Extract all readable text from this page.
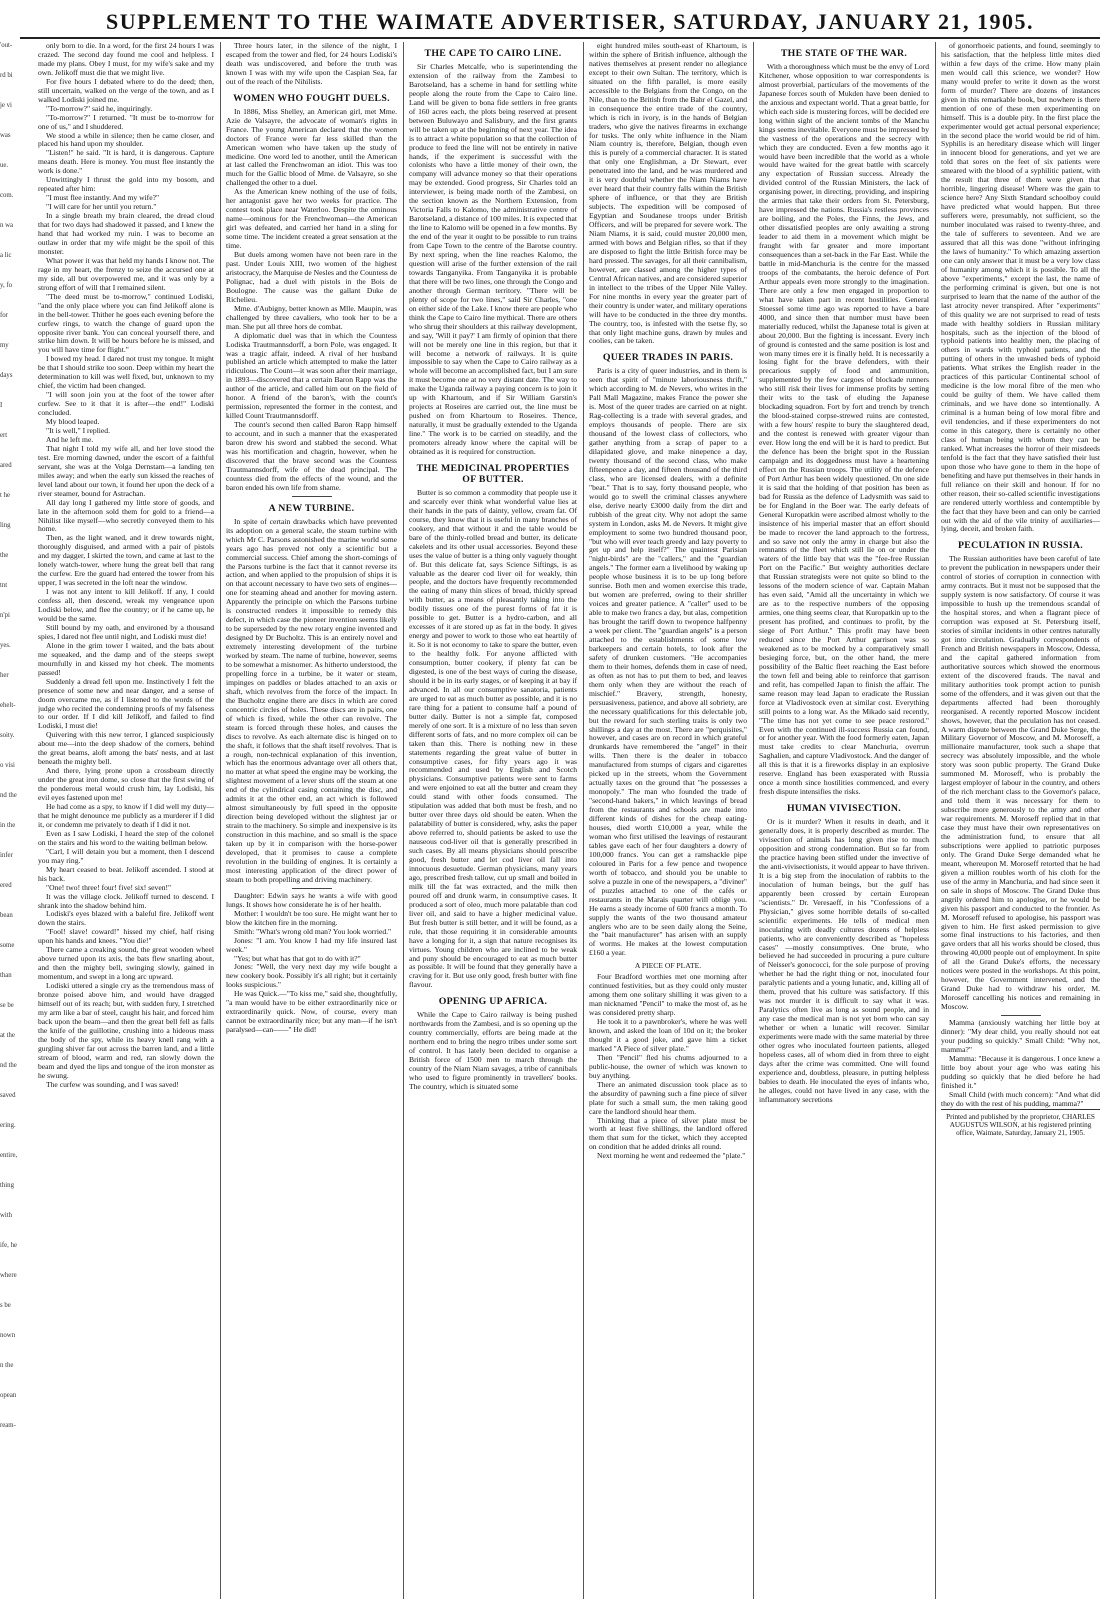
SUPPLEMENT TO THE WAIMATE ADVERTISER, SATURDAY, JANUARY 21, 1905.
'out-
rd bi
je vi
was
ue.
com.
n wa
a lic
y, fo
for
my
days
I
ert
ared
t he
ling
the
tnt
n'pi
yes.
her
ehelt-
soity.
o visi
nd the
in the
infer
ered
bean
some
than
se be
at the
nd the
saved
ering.
entire,
thing
with
ife, he
where
s be
nown
n the
opean
ream-

only born to die. In a word, for the first 24 hours I was crazed. The second day found me cool and helpless. I made my plans. Obey I must, for my wife's sake and my own. Jelikoff must die that we might live.

For five hours I debated where to do the deed; then, still uncertain, walked on the verge of the town, and as I walked Lodiski joined me.

"To-morrow?" said he, inquiringly.

"To-morrow?" I returned. "It must be to-morrow for one of us," and I shuddered.

We stood a while in silence; then he came closer, and placed his hand upon my shoulder.

"Listen!" he said. "It is hard, it is dangerous. Capture means death. Here is money. You must flee instantly the work is done."

Unwittingly I thrust the gold into my bosom, and repeated after him:

"I must flee instantly. And my wife?"

"I will care for her until you return."

In a single breath my brain cleared, the dread cloud that for two days had shadowed it passed, and I knew the hand that had worked my ruin. I was to become an outlaw in order that my wife might be the spoil of this monster.

What power it was that held my hands I know not. The rage in my heart, the frenzy to seize the accursed one at my side, all but overpowered me, and it was only by a strong effort of will that I remained silent.

"The deed must be to-morrow," continued Lodiski, "and the only place where you can find Jelikoff alone is in the bell-tower. Thither he goes each evening before the curfew rings, to watch the change of guard upon the opposite river bank. You can conceal yourself there, and strike him down. It will be hours before he is missed, and you will have time for flight."

I bowed my head. I dared not trust my tongue. It might be that I should strike too soon. Deep within my heart the determination to kill was well fixed, but, unknown to my chief, the victim had been changed.

"I will soon join you at the foot of the tower after curfew. See to it that it is after—the end!" Lodiski concluded.

My blood leaped.

"It is well," I replied.

And he left me.

That night I told my wife all, and her love stood the test. Ere morning dawned, under the escort of a faithful servant, she was at the Volga Dernstam—a landing ten miles away; and when the early sun kissed the reaches of level land about our town, it found her upon the deck of a river steamer, bound for Astrachan.

All day long I gathered my little store of goods, and late in the afternoon sold them for gold to a friend—a Nihilist like myself—who secretly conveyed them to his home.

Then, as the light waned, and it drew towards night, thoroughly disguised, and armed with a pair of pistols and my dagger, I skirted the town, and came at last to the lonely watch-tower, where hung the great bell that rang the curfew. Ere the guard had entered the tower from his upper, I was secreted in the loft near the window.

I was not any intent to kill Jelikoff. If any, I could confess all, then descend, wreak my vengeance upon Lodiski below, and flee the country; or if he came up, he would be the same.

Still bound by my oath, and environed by a thousand spies, I dared not flee until night, and Lodiski must die!

Alone in the grim tower I waited, and the bats about me squeaked, and the damp and of the steeps swept mournfully in and kissed my hot cheek. The moments passed!

Suddenly a dread fell upon me. Instinctively I felt the presence of some new and near danger, and a sense of doom overcame me, as if I listened to the words of the judge who recited the condemning proofs of my falseness to our order. If I did kill Jelikoff, and failed to find Lodiski, I must die!

Quivering with this new terror, I glanced suspiciously about me—into the deep shadow of the corners, behind the great beams, aloft among the bats' nests, and at last beneath the mighty bell.

And there, lying prone upon a crossbeam directly under the great iron dome, so close that the first swing of the ponderous metal would crush him, lay Lodiski, his evil eyes fastened upon me!

He had come as a spy, to know if I did well my duty—that he might denounce me publicly as a murderer if I did it, or condemn me privately to death if I did it not.

Even as I saw Lodiski, I heard the step of the colonel on the stairs and his word to the waiting bellman below.

"Carl, I will detain you but a moment, then I descend you may ring."

My heart ceased to beat. Jelikoff ascended. I stood at his back.

"One! two! three! four! five! six! seven!"

It was the village clock. Jelikoff turned to descend. I shrank into the shadow behind him.

Lodiski's eyes blazed with a baleful fire. Jelikoff went down the stairs.

"Fool! slave! coward!" hissed my chief, half rising upon his hands and knees. "You die!"

There came a creaking sound, the great wooden wheel above turned upon its axis, the bats flew snarling about, and then the mighty bell, swinging slowly, gained in momentum, and swept in a long arc upward.

Lodiski uttered a single cry as the tremendous mass of bronze poised above him, and would have dragged himself out of its reach; but, with sudden fury, I stretched my arm like a bar of steel, caught his hair, and forced him back upon the beam—and then the great bell fell as falls the knife of the guillotine, crushing into a hideous mass the body of the spy, while its heavy knell rang with a gurgling shiver far out across the barren land, and a little stream of blood, warm and red, ran slowly down the beam and dyed the lips and tongue of the iron monster as he swung.

The curfew was sounding, and I was saved!

Three hours later, in the silence of the night, I escaped from the tower and fled, for 24 hours Lodiski's death was undiscovered, and before the truth was known I was with my wife upon the Caspian Sea, far out of the reach of the Nihilists.

WOMEN WHO FOUGHT DUELS.

In 1886, Miss Shelley, an American girl, met Mme. Azie de Valsayre, the advocate of woman's rights in France. The young American declared that the women doctors of France were far less skilled than the American women who have taken up the study of medicine. One word led to another, until the American at last called the Frenchwoman an idiot. This was too much for the Gallic blood of Mme. de Valsayre, so she challenged the other to a duel.

As the American knew nothing of the use of foils, her antagonist gave her two weeks for practice. The contest took place near Waterloo. Despite the ominous name—ominous for the Frenchwoman—the American girl was defeated, and carried her hand in a sling for some time. The incident created a great sensation at the time.

But duels among women have not been rare in the past. Under Louis XIII, two women of the highest aristocracy, the Marquise de Nesles and the Countess de Polignac, had a duel with pistols in the Bois de Boulogne. The cause was the gallant Duke de Richelieu.

Mme. d'Aubigny, better known as Mlle. Maupin, was challenged by three cavaliers, who took her to be a man. She put all three hors de combat.

A diplomatic duel was that in which the Countess Lodiska Trautmannsdorff, a born Pole, was engaged. It was a tragic affair, indeed. A rival of her husband published an article which attempted to make the latter ridiculous. The Count—it was soon after their marriage, in 1893—discovered that a certain Baron Rapp was the author of the article, and called him out on the field of honor. A friend of the baron's, with the count's permission, represented the former in the contest, and killed Count Trautmannsdorff.

The count's second then called Baron Rapp himself to account, and in such a manner that the exasperated baron drew his sword and stabbed the second. What was his mortification and chagrin, however, when he discovered that the brave second was the Countess Trautmannsdorff, wife of the dead principal. The countess died from the effects of the wound, and the baron ended his own life from shame.

A NEW TURBINE.

In spite of certain drawbacks which have prevented its adoption on a general scale, the steam turbine with which Mr C. Parsons astonished the marine world some years ago has proved not only a scientific but a commercial success. Chief among the short-comings of the Parsons turbine is the fact that it cannot reverse its action, and when applied to the propulsion of ships it is on that account necessary to have two sets of engines—one for steaming ahead and another for moving astern. Apparently the principle on which the Parsons turbine is constructed renders it impossible to remedy this defect, in which case the pioneer invention seems likely to be superseded by the new rotary engine invented and designed by Dr Bucholtz. This is an entirely novel and extremely interesting development of the turbine worked by steam. The name of turbine, however, seems to be somewhat a misnomer. As hitherto understood, the propelling force in a turbine, be it water or steam, impinges on paddles or blades attached to an axis or shaft, which revolves from the force of the impact. In the Bucholtz engine there are discs in which are cored concentric circles of holes. These discs are in pairs, one of which is fixed, while the other can revolve. The steam is forced through these holes, and causes the discs to revolve. As each alternate disc is hinged on to the shaft, it follows that the shaft itself revolves. That is a rough, non-technical explanation of this invention, which has the enormous advantage over all others that, no matter at what speed the engine may be working, the slightest movement of a lever shuts off the steam at one end of the cylindrical casing containing the disc, and admits it at the other end, an act which is followed almost simultaneously by full speed in the opposite direction being developed without the slightest jar or strain to the machinery. So simple and inexpensive is its construction in this machine, and so small is the space taken up by it in comparison with the horse-power developed, that it promises to cause a complete revolution in the building of engines. It is certainly a most interesting application of the direct power of steam to both propelling and driving machinery.

Daughter: Edwin says he wants a wife with good lungs. It shows how considerate he is of her health.

Mother: I wouldn't be too sure. He might want her to blow the kitchen fire in the morning.

Smith: "What's wrong old man? You look worried."

Jones: "I am. You know I had my life insured last week."

"Yes; but what has that got to do with it?"

Jones: "Well, the very next day my wife bought a new cookery book. Possibly it's all right; but it certainly looks suspicious."

He was Quick.—"To kiss me," said she, thoughtfully, "a man would have to be either extraordinarily nice or extraordinarily quick. Now, of course, every man cannot be extraordinarily nice; but any man—if he isn't paralysed—can——" He did!

THE CAPE TO CAIRO LINE.

Sir Charles Metcalfe, who is superintending the extension of the railway from the Zambesi to Barotseland, has a scheme in hand for settling white people along the route from the Cape to Cairo line. Land will be given to bona fide settlers in free grants of 160 acres each, the plots being reserved at present between Buluwayo and Salisbury, and the first grants will be taken up at the beginning of next year. The idea is to attract a white population so that the collection of produce to feed the line will not be entirely in native hands, if the experiment is successful with the colonists who have a little money of their own, the company will advance money so that their operations may be extended. Good progress, Sir Charles told an interviewer, is being made north of the Zambesi, on the section known as the Northern Extension, from Victoria Falls to Kalomo, the administrative centre of Barotseland, a distance of 100 miles. It is expected that the line to Kalomo will be opened in a few months. By the end of the year it ought to be possible to run trains from Cape Town to the centre of the Barotse country. By next spring, when the line reaches Kalomo, the question will arise of the further extension of the rail towards Tanganyika. From Tanganyika it is probable that there will be two lines, one through the Congo and another through German territory. "There will be plenty of scope for two lines," said Sir Charles, "one on either side of the Lake. I know there are people who think the Cape to Cairo line mythical. There are others who shrug their shoulders at this railway development, and say, 'Will it pay?' I am firmly of opinion that there will not be merely one line in this region, but that it will become a network of railways. It is quite impossible to say when the Cape to Cairo railway as a whole will become an accomplished fact, but I am sure it must become one at no very distant date. The way to make the Uganda railway a paying concern is to join it up with Khartoum, and if Sir William Garstin's projects at Roseires are carried out, the line must be pushed on from Khartoum to Roseires. Thence, naturally, it must be gradually extended to the Uganda line." The work is to be carried on steadily, and the promoters already know where the capital will be obtained as it is required for construction.

THE MEDICINAL PROPERTIES OF BUTTER.

Butter is so common a commodity that people use it and scarcely ever think what wonderful value lies at their hands in the pats of dainty, yellow, cream fat. Of course, they know that it is useful in many branches of cookery, and that without it and the table would be bare of the thinly-rolled bread and butter, its delicate cakelets and its other usual accessories. Beyond these uses the value of butter is a thing only vaguely thought of. But this delicate fat, says Science Siftings, is as valuable as the dearer cod liver oil for weakly, thin people, and the doctors have frequently recommended the eating of many thin slices of bread, thickly spread with butter, as a means of pleasantly taking into the bodily tissues one of the purest forms of fat it is possible to get. Butter is a hydro-carbon, and all excesses of it are stored up as fat in the body. It gives energy and power to work to those who eat heartily of it. So it is not economy to take to spare the butter, even to the healthy folk. For anyone afflicted with consumption, butter cookery, if plenty fat can be digested, is one of the best ways of curing the disease, should it be in its early stages, or of keeping it at bay if advanced. In all our consumptive sanatoria, patients are urged to eat as much butter as possible, and it is no rare thing for a patient to consume half a pound of butter daily. Butter is not a simple fat, composed merely of one sort. It is a mixture of no less than seven different sorts of fats, and no more complex oil can be taken than this. There is nothing new in these statements regarding the great value of butter in consumptive cases, for fifty years ago it was recommended and used by English and Scotch physicians. Consumptive patients were sent to farms and were enjoined to eat all the butter and cream they could stand with other foods consumed. The stipulation was added that both must be fresh, and no butter over three days old should be eaten. When the palatability of butter is considered, why, asks the paper above referred to, should patients be asked to use the nauseous cod-liver oil that is generally prescribed in such cases. By all means physicians should prescribe good, fresh butter and let cod liver oil fall into innocuous desuetude. German physicians, many years ago, prescribed fresh tallow, cut up small and boiled in milk till the fat was extracted, and the milk then poured off and drunk warm, in consumptive cases. It produced a sort of oleo, much more palatable than cod liver oil, and said to have a higher medicinal value. But fresh butter is still better, and it will be found, as a rule, that those requiring it in considerable amounts have a longing for it, a sign that nature recognises its virtues. Young children who are inclined to be weak and puny should be encouraged to eat as much butter as possible. It will be found that they generally have a craving for it. But use only good, fresh butter with fine flavour.

OPENING UP AFRICA.

While the Cape to Cairo railway is being pushed northwards from the Zambesi, and is so opening up the country commercially, efforts are being made at the northern end to bring the negro tribes under some sort of control. It has lately been decided to organise a British force of 1500 men to march through the country of the Niam Niam savages, a tribe of cannibals who used to figure prominently in travellers' books. The country, which is situated some

eight hundred miles south-east of Khartoum, is within the sphere of British influence, although the natives themselves at present render no allegiance except to their own Sultan. The territory, which is situated on the fifth parallel, is more easily accessible to the Belgians from the Congo, on the Nile, than to the British from the Bahr el Gazel, and in consequence the entire trade of the country, which is rich in ivory, is in the hands of Belgian traders, who give the natives firearms in exchange for tusks. The only white influence in the Niam Niam country is, therefore, Belgian, though even this is purely of a commercial character. It is stated that only one Englishman, a Dr Stewart, ever penetrated into the land, and he was murdered and it is very doubtful whether the Niam Niams have ever heard that their country falls within the British sphere of influence, or that they are British subjects. The expedition will be composed of Egyptian and Soudanese troops under British Officers, and will be prepared for severe work. The Niam Niams, it is said, could muster 20,000 men, armed with bows and Belgian rifles, so that if they are disposed to fight the little British force may be hard pressed. The savages, for all their cannibalism, however, are classed among the higher types of Central African natives, and are considered superior in intellect to the tribes of the Upper Nile Valley. For nine months in every year the greater part of their country is under water, and military operations will have to be conducted in the three dry months. The country, too, is infested with the tsetse fly, so that only light machine guns, drawn by mules and coolies, can be taken.

QUEER TRADES IN PARIS.

Paris is a city of queer industries, and in them is seen that spirit of "minute laboriousness thrift," which according to M. de Nevers, who writes in the Pall Mall Magazine, makes France the power she is. Most of the queer trades are carried on at night. Rag-collecting is a trade with several grades, and employs thousands of people. There are six thousand of the lowest class of collectors, who gather anything from a scrap of paper to a dilapidated glove, and make ninepence a day, twenty thousand of the second class, who make fifteenpence a day, and fifteen thousand of the third class, who are licensed dealers, with a definite "beat." That is to say, forty thousand people, who would go to swell the criminal classes anywhere else, derive nearly £3000 daily from the dirt and rubbish of the great city. Why not adopt the same system in London, asks M. de Nevers. It might give employment to some two hundred thousand poor, "but who will ever teach greedy and lazy poverty to get up and help itself?" The quaintest Parisian "night-birds" are the "callers," and the "guardian angels." The former earn a livelihood by waking up people whose business it is to be up long before sunrise. Both men and women exercise this trade, but women are preferred, owing to their shriller voices and greater patience. A "caller" used to be able to make two francs a day, but alas, competition has brought the tariff down to twopence halfpenny a week per client. The "guardian angels" is a person attached to the establishments of some low barkeepers and certain hotels, to look after the safety of drunken customers. "He accompanies them to their homes, defends them in case of need, as often as not has to put them to bed, and leaves them only when they are without the reach of mischief." Bravery, strength, honesty, persuasiveness, patience, and above all sobriety, are the necessary qualifications for this delectable job, but the reward for such sterling traits is only two shillings a day at the most. There are "perquisites," however, and cases are on record in which grateful drunkards have remembered the "angel" in their wills. Then there is the dealer in tobacco manufactured from stumps of cigars and cigarettes picked up in the streets, whom the Government actually taxes on the ground that "he possesses a monopoly." The man who founded the trade of "second-hand bakers," in which leavings of bread from the restaurants and schools are made into different kinds of dishes for the cheap eating-houses, died worth £10,000 a year, while the woman who first utilised the leavings of restaurant tables gave each of her four daughters a dowry of 100,000 francs. You can get a ramshackle pipe coloured in Paris for a few pence and twopence worth of tobacco, and should you be unable to solve a puzzle in one of the newspapers, a "diviner" of puzzles attached to one of the cafés or restaurants in the Marais quarter will oblige you. He earns a steady income of 600 francs a month. To supply the wants of the two thousand amateur anglers who are to be seen daily along the Seine, the "bait manufacturer" has arisen with an supply of worms. He makes at the lowest computation £160 a year.

A PIECE OF PLATE.

Four Bradford worthies met one morning after continued festivities, but as they could only muster among them one solitary shilling it was given to a man nicknamed "Pencil" to make the most of, as he was considered pretty sharp.

He took it to a pawnbroker's, where he was well known, and asked the loan of 10d on it; the broker thought it a good joke, and gave him a ticket marked "A Piece of silver plate."

Then "Pencil" fled his chums adjourned to a public-house, the owner of which was known to buy anything.

There an animated discussion took place as to the absurdity of pawning such a fine piece of silver plate for such a small sum, the men taking good care the landlord should hear them.

Thinking that a piece of silver plate must be worth at least five shillings, the landlord offered them that sum for the ticket, which they accepted on condition that he added drinks all round.

Next morning he went and redeemed the "plate."

THE STATE OF THE WAR.

With a thoroughness which must be the envy of Lord Kitchener, whose opposition to war correspondents is almost proverbial, particulars of the movements of the Japanese forces south of Mukden have been denied to the anxious and expectant world. That a great battle, for which each side is mustering forces, will be decided ere long within sight of the ancient tombs of the Manchu kings seems inevitable. Everyone must be impressed by the vastness of the operations and the secrecy with which they are conducted. Even a few months ago it would have been incredible that the world as a whole would have waited for the great battle with scarcely any expectation of Russian success. Already the divided control of the Russian Ministers, the lack of organising power, in directing, providing, and inspiring the armies that take their orders from St. Petersburg, have impressed the nations. Russia's restless provinces are boiling, and the Poles, the Finns, the Jews, and other dissatisfied peoples are only awaiting a strong leader to aid them in a movement which might be fraught with far greater and more important consequences than a set-back in the Far East. While the battle in mid-Manchuria is the centre for the massed troops of the combatants, the heroic defence of Port Arthur appeals even more strongly to the imagination. There are only a few men engaged in proportion to what have taken part in recent hostilities. General Stoessel some time ago was reported to have a bare 4000, and since then that number must have been materially reduced, whilst the Japanese total is given at about 20,000. But the fighting is incessant. Every inch of ground is contested and the same position is lost and won many times ere it is finally held. It is necessarily a losing fight for the brave defenders, with their precarious supply of food and ammunition, supplemented by the few cargoes of blockade runners who still risk their lives for immense profits by setting their wits to the task of eluding the Japanese blockading squadron. Fort by fort and trench by trench the blood-stained corpse-strewed ruins are contested, with a few hours' respite to bury the slaughtered dead, and the contest is renewed with greater vigour than ever. How long the end will be it is hard to predict. But the defence has been the bright spot in the Russian campaign and its doggedness must have a heartening effect on the Russian troops. The utility of the defence of Port Arthur has been widely questioned. On one side it is said that the holding of that position has been as bad for Russia as the defence of Ladysmith was said to be for England in the Boer war. The early defeats of General Kuropatkin were ascribed almost wholly to the insistence of his imperial master that an effort should be made to recover the land approach to the fortress, and so save not only the army in charge but also the remnants of the fleet which still lie on or under the waters of the little bay that was the "fee-free Russian Port on the Pacific." But weighty authorities declare that Russian strategists were not quite so blind to the lessons of the modern science of war. Captain Mahan has even said, "Amid all the uncertainty in which we are as to the respective numbers of the opposing armies, one thing seems clear, that Kuropatkin up to the present has profited, and continues to profit, by the siege of Port Arthur." This profit may have been reduced since the Port Arthur garrison was so weakened as to be mocked by a comparatively small besieging force, but, on the other hand, the mere possibility of the Baltic fleet reaching the East before the town fell and being able to reinforce that garrison and refit, has compelled Japan to finish the affair. The same reason may lead Japan to eradicate the Russian force at Vladivostock even at similar cost. Everything still points to a long war. As the Mikado said recently, "The time has not yet come to see peace restored." Even with the continued ill-success Russia can found, or for another year. With the food formerly eaten, Japan must take credits to clear Manchuria, overrun Saghalien, and capture Vladivostock. And the danger of all this is that it is a fireworks display in an explosive reserve. England has been exasperated with Russia once a month since hostilities commenced, and every fresh dispute intensifies the risks.

HUMAN VIVISECTION.

Or is it murder? When it results in death, and it generally does, it is properly described as murder. The vivisection of animals has long given rise to much opposition and strong condemnation. But so far from the practice having been stifled under the invective of the anti-vivisectionists, it would appear to have thriven. It is a big step from the inoculation of rabbits to the inoculation of human beings, but the gulf has apparently been crossed by certain European "scientists." Dr. Veresaeff, in his "Confessions of a Physician," gives some horrible details of so-called scientific experiments. He tells of medical men inoculating with deadly cultures dozens of helpless patients, who are conveniently described as "hopeless cases" —mostly consumptives. One brute, who believed he had succeeded in procuring a pure culture of Neisser's gonococci, for the sole purpose of proving whether he had the right thing or not, inoculated four paralytic patients and a young lunatic, and, killing all of them, proved that his culture was satisfactory. If this was not murder it is difficult to say what it was. Paralytics often live as long as sound people, and in any case the medical man is not yet born who can say whether or when a lunatic will recover. Similar experiments were made with the same material by three other ogres who inoculated fourteen patients, alleged hopeless cases, all of whom died in from three to eight days after the crime was committed. One will found experience and, doubtless, pleasure, in putting helpless babies to death. He inoculated the eyes of infants who, he alleges, could not have lived in any case, with the inflammatory secretions

of gonorrhoeic patients, and found, seemingly to his satisfaction, that the helpless little mites died within a few days of the crime. How many plain men would call this science, we wonder? How many would prefer to write it down as the worst form of murder? There are dozens of instances given in this remarkable book, but nowhere is there mention of one of these men experimenting on himself. This is a double pity. In the first place the experimenter would get actual personal experience; in the second place the world would be rid of him. Syphilis is an hereditary disease which will linger in innocent blood for generations, and yet we are told that sores on the feet of six patients were smeared with the blood of a syphilitic patient, with the result that three of them were given that horrible, lingering disease! Where was the gain to science here? Any Sixth Standard schoolboy could have predicted what would happen. But three sufferers were, presumably, not sufficient, so the number inoculated was raised to twenty-three, and the tale of sufferers to seventeen. And we are assured that all this was done "without infringing the laws of humanity." To which amazing assertion one can only answer that it must be a very low class of humanity among which it is possible. To all the above "experiments," except the last, the name of the performing criminal is given, but one is not surprised to learn that the name of the author of the last atrocity never transpired. After "experiments" of this quality we are not surprised to read of tests made with healthy soldiers in Russian military hospitals, such as the injection of the blood of typhoid patients into healthy men, the placing of others in wards with typhoid patients, and the putting of others in the unwashed beds of typhoid patients. What strikes the English reader in the practices of this particular Continental school of medicine is the low moral fibre of the men who could be guilty of them. We have called them criminals, and we have done so intentionally. A criminal is a human being of low moral fibre and evil tendencies, and if these experimenters do not come in this category, there is certainly no other class of human being with whom they can be ranked. What increases the horror of their misdeeds tenfold is the fact that they have satisfied their lust upon those who have gone to them in the hope of benefiting and have put themselves in their hands in full reliance on their skill and honour. If for no other reason, their so-called scientific investigations are rendered utterly worthless and contemptible by the fact that they have been and can only be carried out with the aid of the vile trinity of auxiliaries—lying, deceit, and broken faith.

PECULATION IN RUSSIA.

The Russian authorities have been careful of late to prevent the publication in newspapers under their control of stories of corruption in connection with army contracts. But it must not be supposed that the supply system is now satisfactory. Of course it was impossible to hush up the tremendous scandal of the hospital stores, and when a flagrant piece of corruption was exposed at St. Petersburg itself, stories of similar incidents in other centres naturally got into circulation. Gradually correspondents of French and British newspapers in Moscow, Odessa, and the capital gathered information from authoritative sources which showed the enormous extent of the discovered frauds. The naval and military authorities took prompt action to punish some of the offenders, and it was given out that the departments affected had been thoroughly reorganised. A recently reported Moscow incident shows, however, that the peculation has not ceased. A warm dispute between the Grand Duke Serge, the Military Governor of Moscow, and M. Moroseff, a millionaire manufacturer, took such a shape that secrecy was absolutely impossible, and the whole story was soon public property. The Grand Duke summoned M. Moroseff, who is probably the largest employer of labour in the country, and others of the rich merchant class to the Governor's palace, and told them it was necessary for them to subscribe more generously to the army and other war requirements. M. Moroseff replied that in that case they must have their own representatives on the administration fund, to ensure that all subscriptions were applied to patriotic purposes only. The Grand Duke Serge demanded what he meant, whereupon M. Moroseff retorted that he had given a million roubles worth of his cloth for the use of the army in Manchuria, and had since seen it on sale in shops of Moscow. The Grand Duke thus angrily ordered him to apologise, or he would be given his passport and conducted to the frontier. As M. Moroseff refused to apologise, his passport was given to him. He first asked permission to give some final instructions to his factories, and then gave orders that all his works should be closed, thus throwing 40,000 people out of employment. In spite of all the Grand Duke's efforts, the necessary notices were posted in the workshops. At this point, however, the Government intervened, and the Grand Duke had to withdraw his order, M. Moroseff cancelling his notices and remaining in Moscow.

Mamma (anxiously watching her little boy at dinner): "My dear child, you really should not eat your pudding so quickly." Small Child: "Why not, mamma?"

Mamma: "Because it is dangerous. I once knew a little boy about your age who was eating his pudding so quickly that he died before he had finished it."

Small Child (with much concern): "And what did they do with the rest of his pudding, mamma?"

Printed and published by the proprietor, CHARLES AUGUSTUS WILSON, at his registered printing office, Waimate, Saturday, January 21, 1905.
